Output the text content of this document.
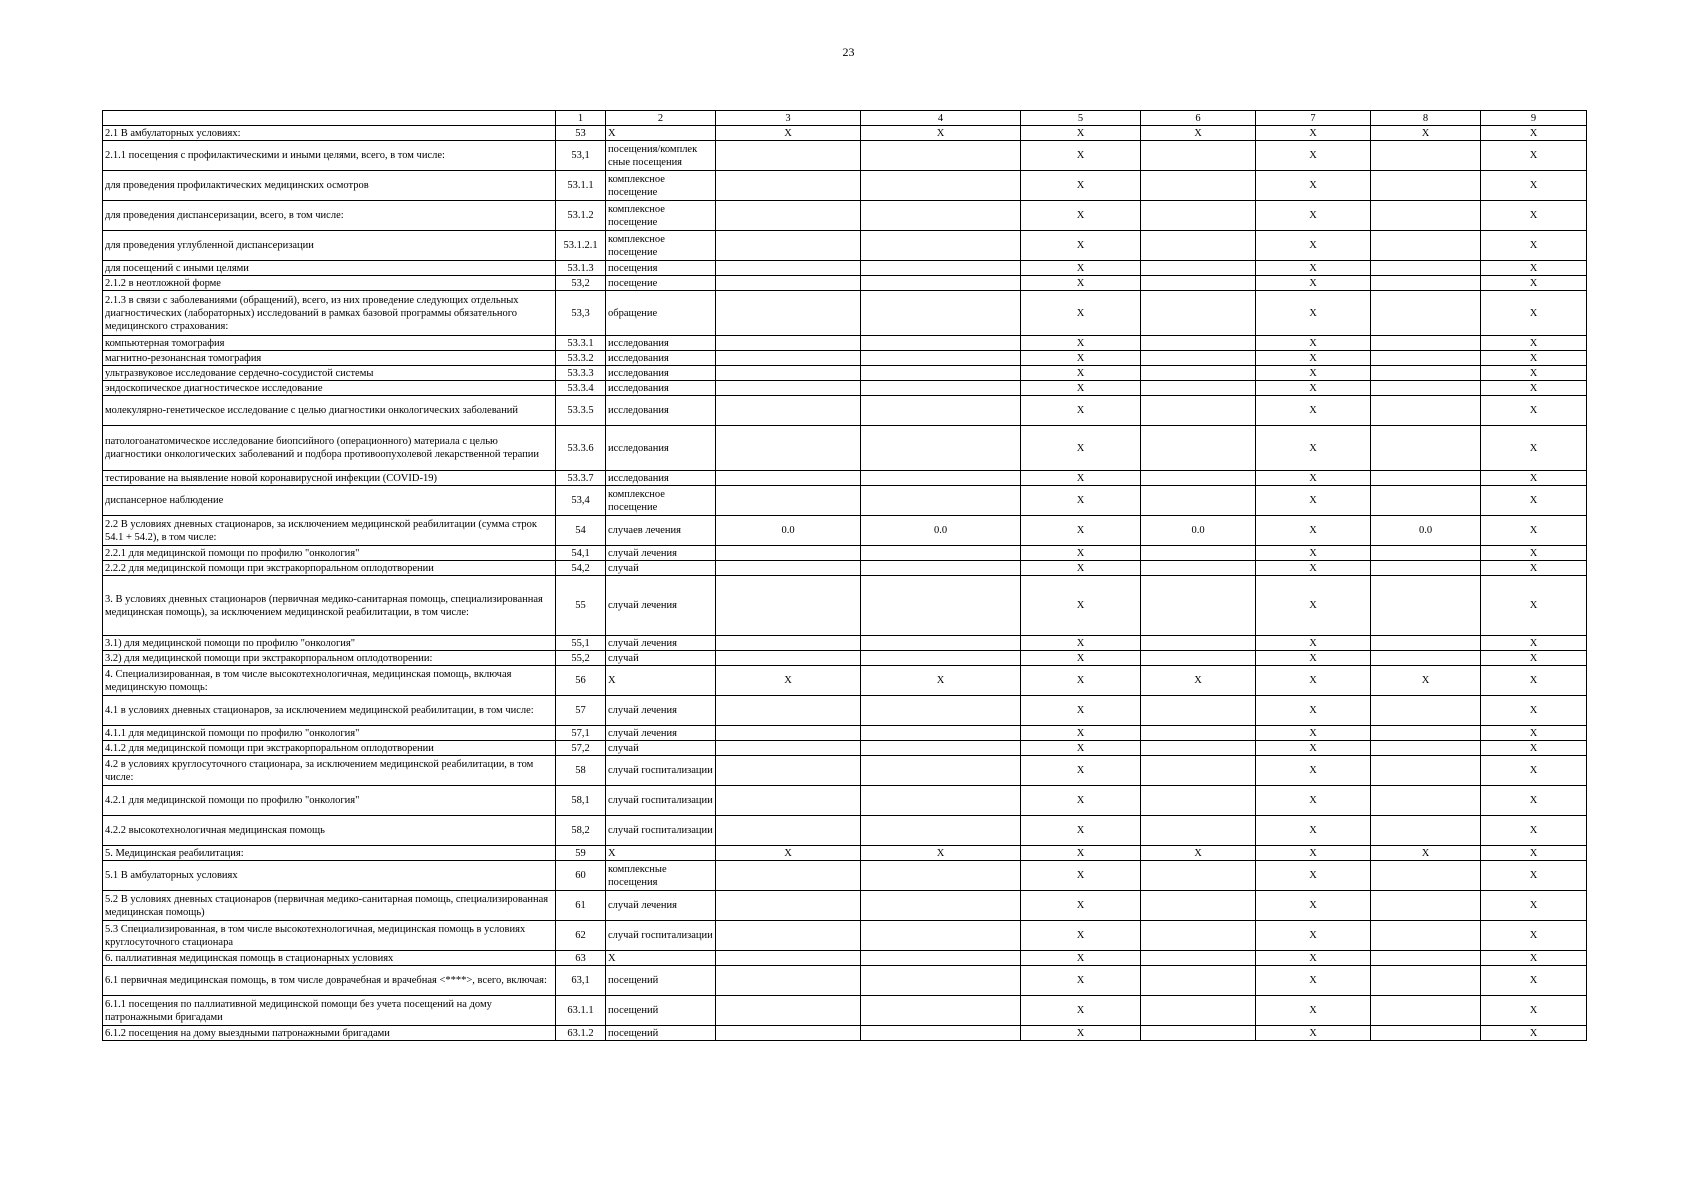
23
	1	2	3	4	5	6	7	8	9
2.1 В амбулаторных условиях:	53	X	X	X	X	X	X	X	X
2.1.1 посещения с профилактическими и иными целями, всего, в том числе:	53,1	посещения/комплек сные посещения			X		X		X
для проведения профилактических медицинских осмотров	53.1.1	комплексное посещение			X		X		X
для проведения диспансеризации, всего, в том числе:	53.1.2	комплексное посещение			X		X		X
для проведения углубленной диспансеризации	53.1.2.1	комплексное посещение			X		X		X
для посещений с иными целями	53.1.3	посещения			X		X		X
2.1.2 в неотложной форме	53,2	посещение			X		X		X
2.1.3 в связи с заболеваниями (обращений), всего, из них проведение следующих отдельных диагностических (лабораторных) исследований в рамках базовой программы обязательного медицинского страхования:	53,3	обращение			X		X		X
компьютерная томография	53.3.1	исследования			X		X		X
магнитно-резонансная томография	53.3.2	исследования			X		X		X
ультразвуковое исследование сердечно-сосудистой системы	53.3.3	исследования			X		X		X
эндоскопическое диагностическое исследование	53.3.4	исследования			X		X		X
молекулярно-генетическое исследование с целью диагностики онкологических заболеваний	53.3.5	исследования			X		X		X
патологоанатомическое исследование биопсийного (операционного) материала с целью диагностики онкологических заболеваний и подбора противоопухолевой лекарственной терапии	53.3.6	исследования			X		X		X
тестирование на выявление новой коронавирусной инфекции (COVID-19)	53.3.7	исследования			X		X		X
диспансерное наблюдение	53,4	комплексное посещение			X		X		X
2.2 В условиях дневных стационаров, за исключением медицинской реабилитации (сумма строк 54.1 + 54.2), в том числе:	54	случаев лечения	0.0	0.0	X	0.0	X	0.0	X
2.2.1 для медицинской помощи по профилю "онкология"	54,1	случай лечения			X		X		X
2.2.2 для медицинской помощи при экстракорпоральном оплодотворении	54,2	случай			X		X		X
3. В условиях дневных стационаров (первичная медико-санитарная помощь, специализированная медицинская помощь), за исключением медицинской реабилитации, в том числе:	55	случай лечения			X		X		X
3.1) для медицинской помощи по профилю "онкология"	55,1	случай лечения			X		X		X
3.2) для медицинской помощи при экстракорпоральном оплодотворении:	55,2	случай			X		X		X
4. Специализированная, в том числе высокотехнологичная, медицинская помощь, включая медицинскую помощь:	56	X	X	X	X	X	X	X	X
4.1 в условиях дневных стационаров, за исключением медицинской реабилитации, в том числе:	57	случай лечения			X		X		X
4.1.1 для медицинской помощи по профилю "онкология"	57,1	случай лечения			X		X		X
4.1.2 для медицинской помощи при экстракорпоральном оплодотворении	57,2	случай			X		X		X
4.2 в условиях круглосуточного стационара, за исключением медицинской реабилитации, в том числе:	58	случай госпитализации			X		X		X
4.2.1 для медицинской помощи по профилю "онкология"	58,1	случай госпитализации			X		X		X
4.2.2 высокотехнологичная медицинская помощь	58,2	случай госпитализации			X		X		X
5. Медицинская реабилитация:	59	X	X	X	X	X	X	X	X
5.1 В амбулаторных условиях	60	комплексные посещения			X		X		X
5.2 В условиях дневных стационаров (первичная медико-санитарная помощь, специализированная медицинская помощь)	61	случай лечения			X		X		X
5.3 Специализированная, в том числе высокотехнологичная, медицинская помощь в условиях круглосуточного стационара	62	случай госпитализации			X		X		X
6. паллиативная медицинская помощь в стационарных условиях	63	X			X		X		X
6.1 первичная медицинская помощь, в том числе доврачебная и врачебная <****>, всего, включая:	63,1	посещений			X		X		X
6.1.1 посещения по паллиативной медицинской помощи без учета посещений на дому патронажными бригадами	63.1.1	посещений			X		X		X
6.1.2 посещения на дому выездными патронажными бригадами	63.1.2	посещений			X		X		X
